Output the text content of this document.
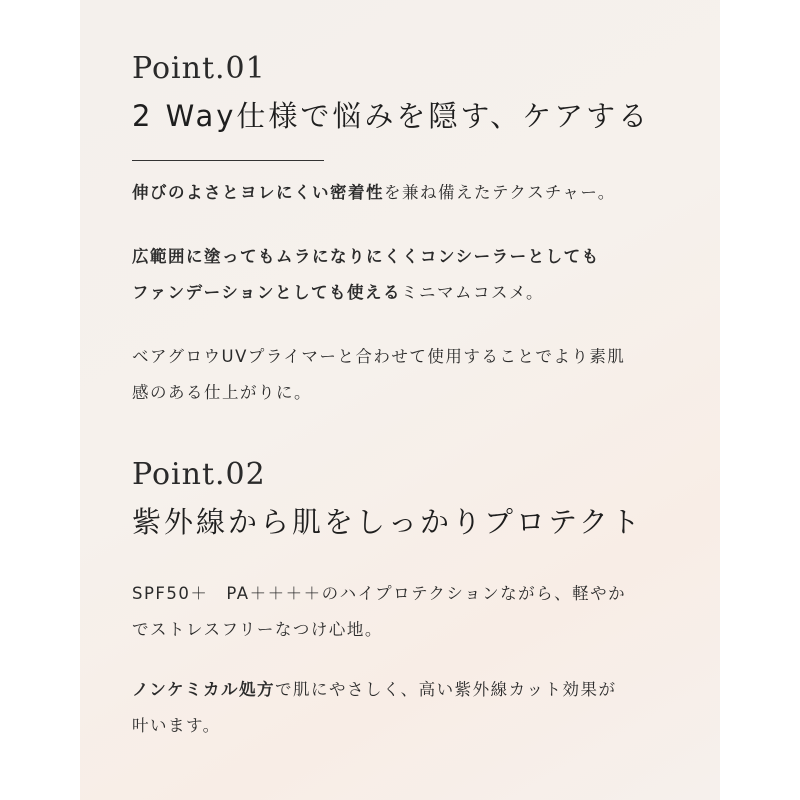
Point.01

2 Way仕様で悩みを隠す、ケアする

伸びのよさとヨレにくい密着性を兼ね備えたテクスチャー。

広範囲に塗ってもムラになりにくくコンシーラーとしても
ファンデーションとしても使えるミニマムコスメ。

ベアグロウUVプライマーと合わせて使用することでより素肌
感のある仕上がりに。

Point.02

紫外線から肌をしっかりプロテクト

SPF50＋　PA＋＋＋＋のハイプロテクションながら、軽やか
でストレスフリーなつけ心地。

ノンケミカル処方で肌にやさしく、高い紫外線カット効果が
叶います。
